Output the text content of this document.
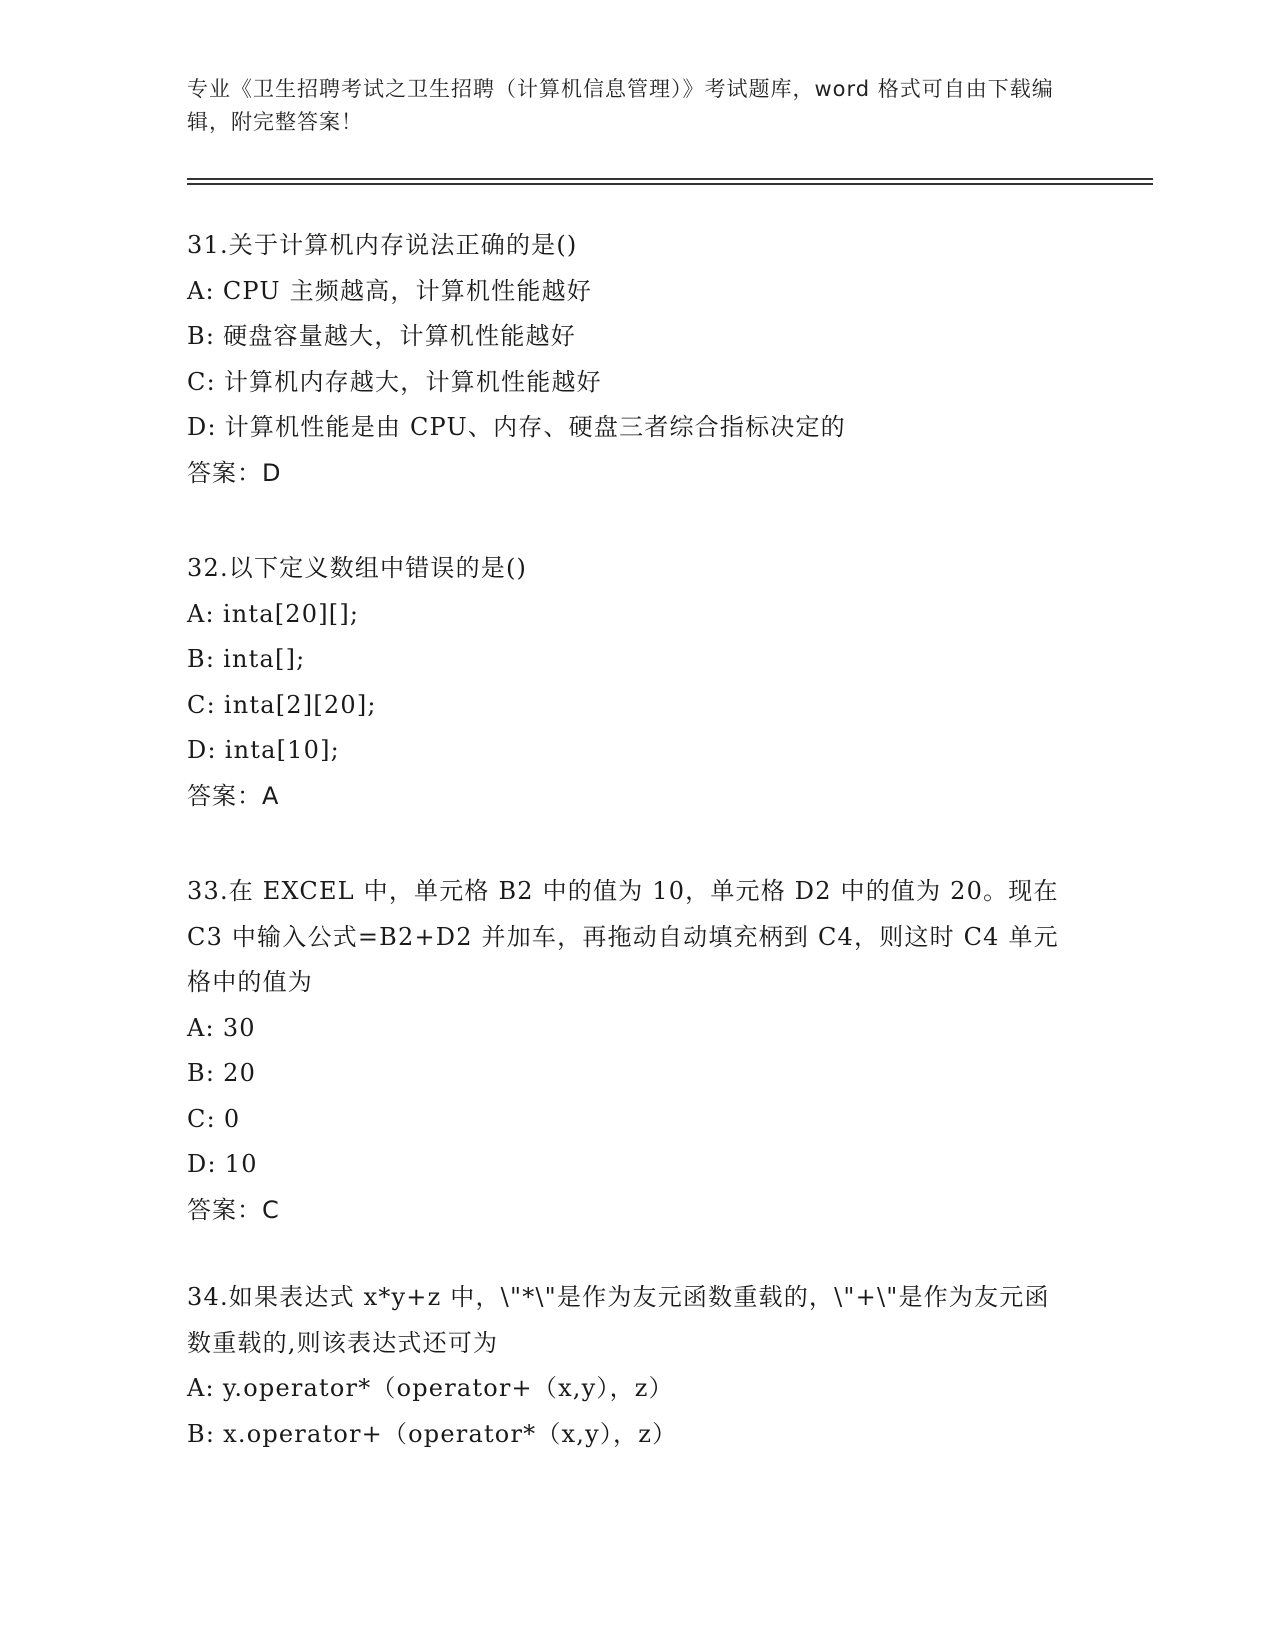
专业《卫生招聘考试之卫生招聘（计算机信息管理）》考试题库，word 格式可自由下载编辑，附完整答案！
31.关于计算机内存说法正确的是()
A: CPU 主频越高，计算机性能越好
B: 硬盘容量越大，计算机性能越好
C: 计算机内存越大，计算机性能越好
D: 计算机性能是由 CPU、内存、硬盘三者综合指标决定的
答案：D
32.以下定义数组中错误的是()
A: inta[20][];
B: inta[];
C: inta[2][20];
D: inta[10];
答案：A
33.在 EXCEL 中，单元格 B2 中的值为 10，单元格 D2 中的值为 20。现在 C3 中输入公式=B2+D2 并加车，再拖动自动填充柄到 C4，则这时 C4 单元格中的值为
A: 30
B: 20
C: 0
D: 10
答案：C
34.如果表达式 x*y+z 中，\"*\"是作为友元函数重载的，\"+\"是作为友元函数重载的,则该表达式还可为
A: y.operator*（operator+（x,y），z）
B: x.operator+（operator*（x,y），z）
